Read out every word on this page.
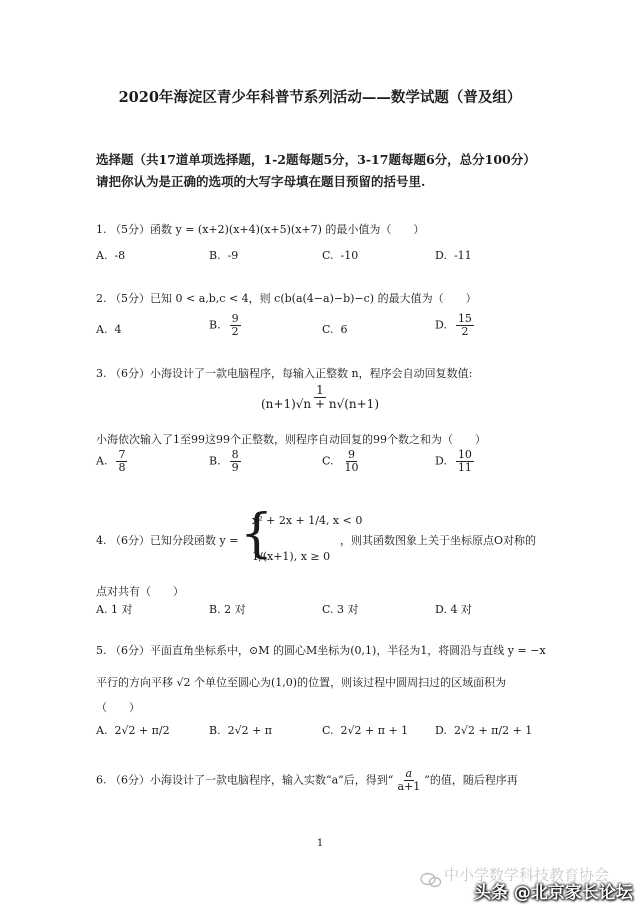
2020年海淀区青少年科普节系列活动——数学试题（普及组）
选择题（共17道单项选择题，1-2题每题5分，3-17题每题6分，总分100分）
请把你认为是正确的选项的大写字母填在题目预留的括号里.
1. （5分）函数 y = (x+2)(x+4)(x+5)(x+7) 的最小值为（　　）
A. -8	B. -9	C. -10	D. -11
2. （5分）已知 0 < a,b,c < 4，则 c(b(a(4−a)−b)−c) 的最大值为（　　）
A. 4	B. $\frac{9}{2}$	C. 6	D. $\frac{15}{2}$
3. （6分）小海设计了一款电脑程序，每输入正整数 n，程序会自动回复数值:
$\frac{1}{(n+1)√n + n√(n+1)}$
小海依次输入了1至99这99个正整数，则程序自动回复的99个数之和为（　　）
A. $\frac{7}{8}$	B. $\frac{8}{9}$	C. $\frac{9}{10}$	D. $\frac{10}{11}$
4. （6分）已知分段函数 y = {
x² + 2x + 1/4, x < 0
1/(x+1), x ≥ 0
，则其函数图象上关于坐标原点O对称的
点对共有（　　）
A. 1 对	B. 2 对	C. 3 对	D. 4 对
5. （6分）平面直角坐标系中，⊙M 的圆心M坐标为(0,1)，半径为1，将圆沿与直线 y = −x
平行的方向平移 √2 个单位至圆心为(1,0)的位置，则该过程中圆周扫过的区域面积为
（　　）
A. 2√2 + π/2	B. 2√2 + π	C. 2√2 + π + 1 D. 2√2 + π/2 + 1
6. （6分）小海设计了一款电脑程序，输入实数“a”后，得到“ $\frac{a}{a+1}$ ”的值，随后程序再
1
中小学数学科技教育协会
头条 @北京家长论坛
